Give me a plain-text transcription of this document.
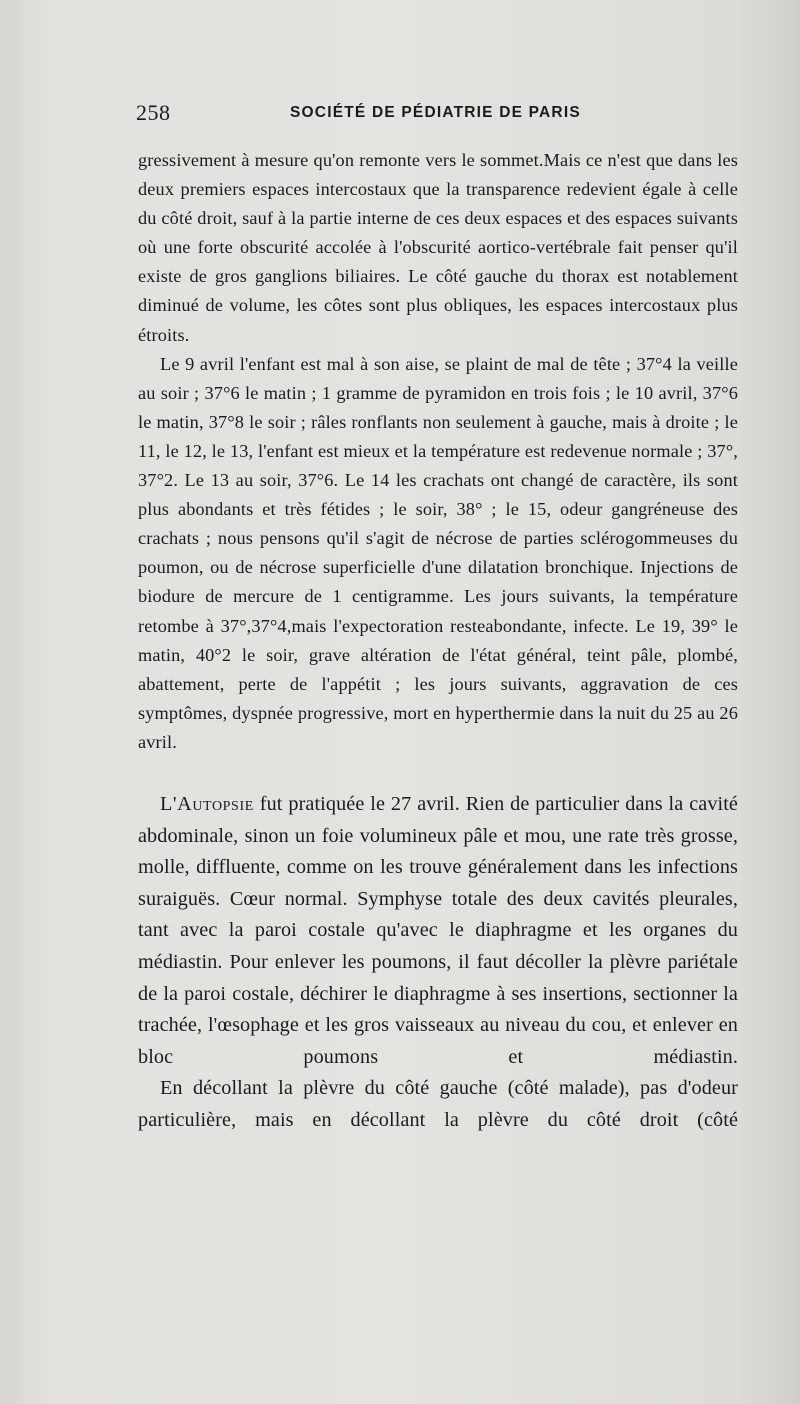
258	SOCIÉTÉ DE PÉDIATRIE DE PARIS

gressivement à mesure qu'on remonte vers le sommet.Mais ce n'est que dans les deux premiers espaces intercostaux que la transparence redevient égale à celle du côté droit, sauf à la partie interne de ces deux espaces et des espaces suivants où une forte obscurité accolée à l'obscurité aortico-vertébrale fait penser qu'il existe de gros ganglions biliaires. Le côté gauche du thorax est notablement diminué de volume, les côtes sont plus obliques, les espaces intercostaux plus étroits.

Le 9 avril l'enfant est mal à son aise, se plaint de mal de tête ; 37°4 la veille au soir ; 37°6 le matin ; 1 gramme de pyramidon en trois fois ; le 10 avril, 37°6 le matin, 37°8 le soir ; râles ronflants non seulement à gauche, mais à droite ; le 11, le 12, le 13, l'enfant est mieux et la température est redevenue normale ; 37°, 37°2. Le 13 au soir, 37°6. Le 14 les crachats ont changé de caractère, ils sont plus abondants et très fétides ; le soir, 38° ; le 15, odeur gangréneuse des crachats ; nous pensons qu'il s'agit de nécrose de parties sclérogommeuses du poumon, ou de nécrose superficielle d'une dilatation bronchique. Injections de biodure de mercure de 1 centigramme. Les jours suivants, la température retombe à 37°,37°4,mais l'expectoration resteabondante, infecte. Le 19, 39° le matin, 40°2 le soir, grave altération de l'état général, teint pâle, plombé, abattement, perte de l'appétit ; les jours suivants, aggravation de ces symptômes, dyspnée progressive, mort en hyperthermie dans la nuit du 25 au 26 avril.

L'Autopsie fut pratiquée le 27 avril. Rien de particulier dans la cavité abdominale, sinon un foie volumineux pâle et mou, une rate très grosse, molle, diffluente, comme on les trouve généralement dans les infections suraiguës. Cœur normal. Symphyse totale des deux cavités pleurales, tant avec la paroi costale qu'avec le diaphragme et les organes du médiastin. Pour enlever les poumons, il faut décoller la plèvre pariétale de la paroi costale, déchirer le diaphragme à ses insertions, sectionner la trachée, l'œsophage et les gros vaisseaux au niveau du cou, et enlever en bloc poumons et médiastin.

En décollant la plèvre du côté gauche (côté malade), pas d'odeur particulière, mais en décollant la plèvre du côté droit (côté
